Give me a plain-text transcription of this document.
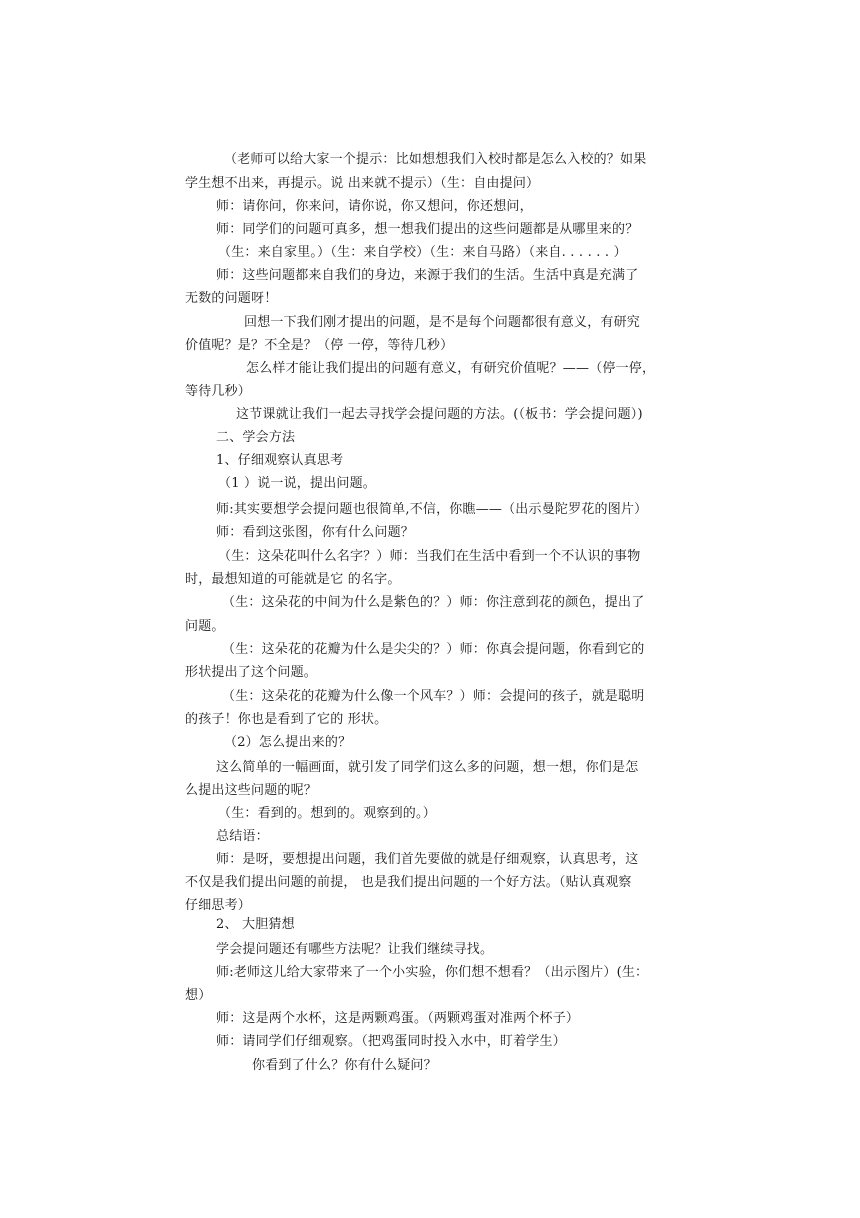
（老师可以给大家一个提示：比如想想我们入校时都是怎么入校的？如果
学生想不出来，再提示。说 出来就不提示）（生：自由提问）
师：请你问，你来问，请你说，你又想问，你还想问，
师：同学们的问题可真多，想一想我们提出的这些问题都是从哪里来的？
（生：来自家里。）（生：来自学校）（生：来自马路）（来自. . . . . . ）
师：这些问题都来自我们的身边，来源于我们的生活。生活中真是充满了
无数的问题呀！
回想一下我们刚才提出的问题，是不是每个问题都很有意义，有研究
价值呢？是？不全是？（停 一停，等待几秒）
怎么样才能让我们提出的问题有意义，有研究价值呢？——（停一停，
等待几秒）
这节课就让我们一起去寻找学会提问题的方法。(（板书：学会提问题）)
二、学会方法
1、仔细观察认真思考
（1 ）说一说，提出问题。
师:其实要想学会提问题也很简单,不信，你瞧——（出示曼陀罗花的图片）
师：看到这张图，你有什么问题？
（生：这朵花叫什么名字？）师：当我们在生活中看到一个不认识的事物
时，最想知道的可能就是它 的名字。
（生：这朵花的中间为什么是紫色的？）师：你注意到花的颜色，提出了
问题。
（生：这朵花的花瓣为什么是尖尖的？）师：你真会提问题，你看到它的
形状提出了这个问题。
（生：这朵花的花瓣为什么像一个风车？）师：会提问的孩子，就是聪明
的孩子！你也是看到了它的 形状。
（2）怎么提出来的？
这么简单的一幅画面，就引发了同学们这么多的问题，想一想，你们是怎
么提出这些问题的呢？
（生：看到的。想到的。观察到的。）
总结语：
师：是呀，要想提出问题，我们首先要做的就是仔细观察，认真思考，这
不仅是我们提出问题的前提， 也是我们提出问题的一个好方法。（贴认真观察
仔细思考）
2、 大胆猜想
学会提问题还有哪些方法呢？让我们继续寻找。
师:老师这儿给大家带来了一个小实验，你们想不想看？（出示图片）(生：
想）
师：这是两个水杯，这是两颗鸡蛋。（两颗鸡蛋对准两个杯子）
师：请同学们仔细观察。（把鸡蛋同时投入水中，盯着学生）
你看到了什么？你有什么疑问？
